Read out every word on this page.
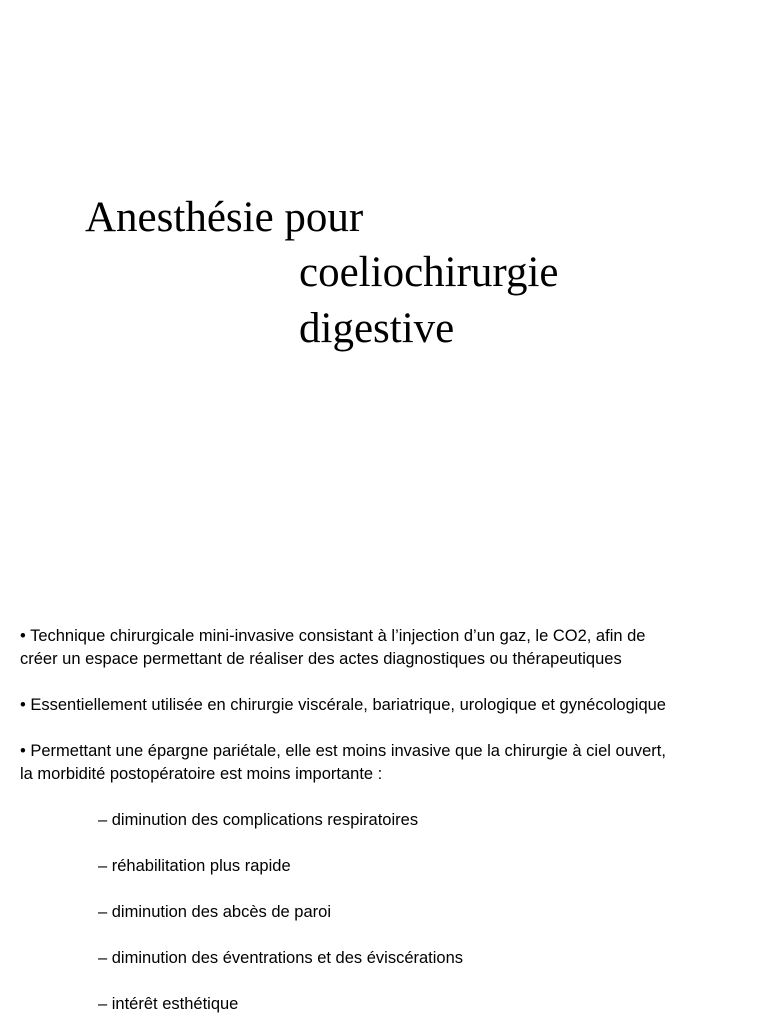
Anesthésie pour
coeliochirurgie
digestive
• Technique chirurgicale mini-invasive consistant à l’injection d’un gaz, le CO2, afin de
créer un espace permettant de réaliser des actes diagnostiques ou thérapeutiques
• Essentiellement utilisée en chirurgie viscérale, bariatrique, urologique et gynécologique
• Permettant une épargne pariétale, elle est moins invasive que la chirurgie à ciel ouvert,
la morbidité postopératoire est moins importante :
– diminution des complications respiratoires
– réhabilitation plus rapide
– diminution des abcès de paroi
– diminution des éventrations et des éviscérations
– intérêt esthétique
